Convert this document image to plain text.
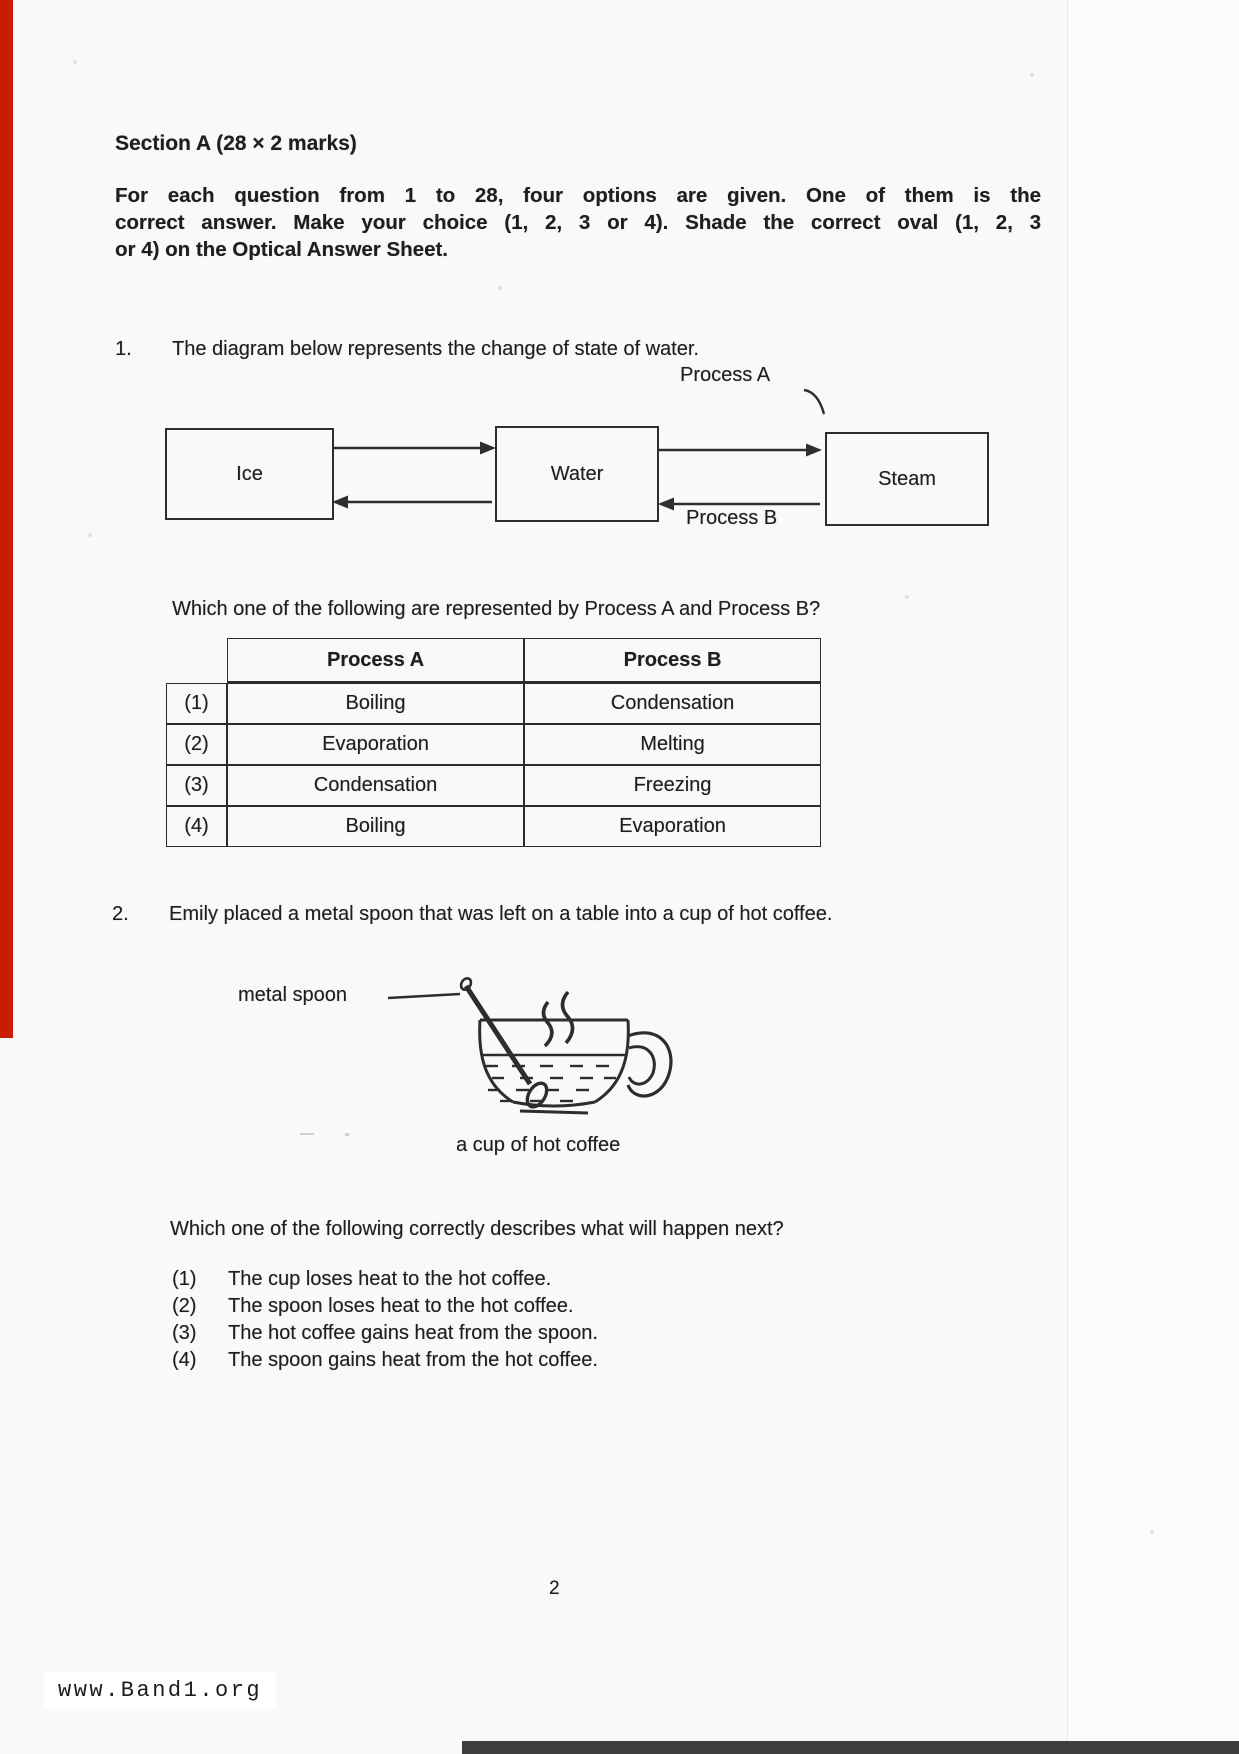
Section A (28 × 2 marks)
For each question from 1 to 28, four options are given. One of them is the
correct answer. Make your choice (1, 2, 3 or 4). Shade the correct oval (1, 2, 3
or 4) on the Optical Answer Sheet.
1. The diagram below represents the change of state of water.
Ice	Water	Steam
Process A
Process B
Which one of the following are represented by Process A and Process B?
Process A	Process B
(1)	Boiling	Condensation
(2)	Evaporation	Melting
(3)	Condensation	Freezing
(4)	Boiling	Evaporation
2. Emily placed a metal spoon that was left on a table into a cup of hot coffee.
metal spoon
a cup of hot coffee
Which one of the following correctly describes what will happen next?
(1) The cup loses heat to the hot coffee.
(2) The spoon loses heat to the hot coffee.
(3) The hot coffee gains heat from the spoon.
(4) The spoon gains heat from the hot coffee.
2
www.Band1.org
